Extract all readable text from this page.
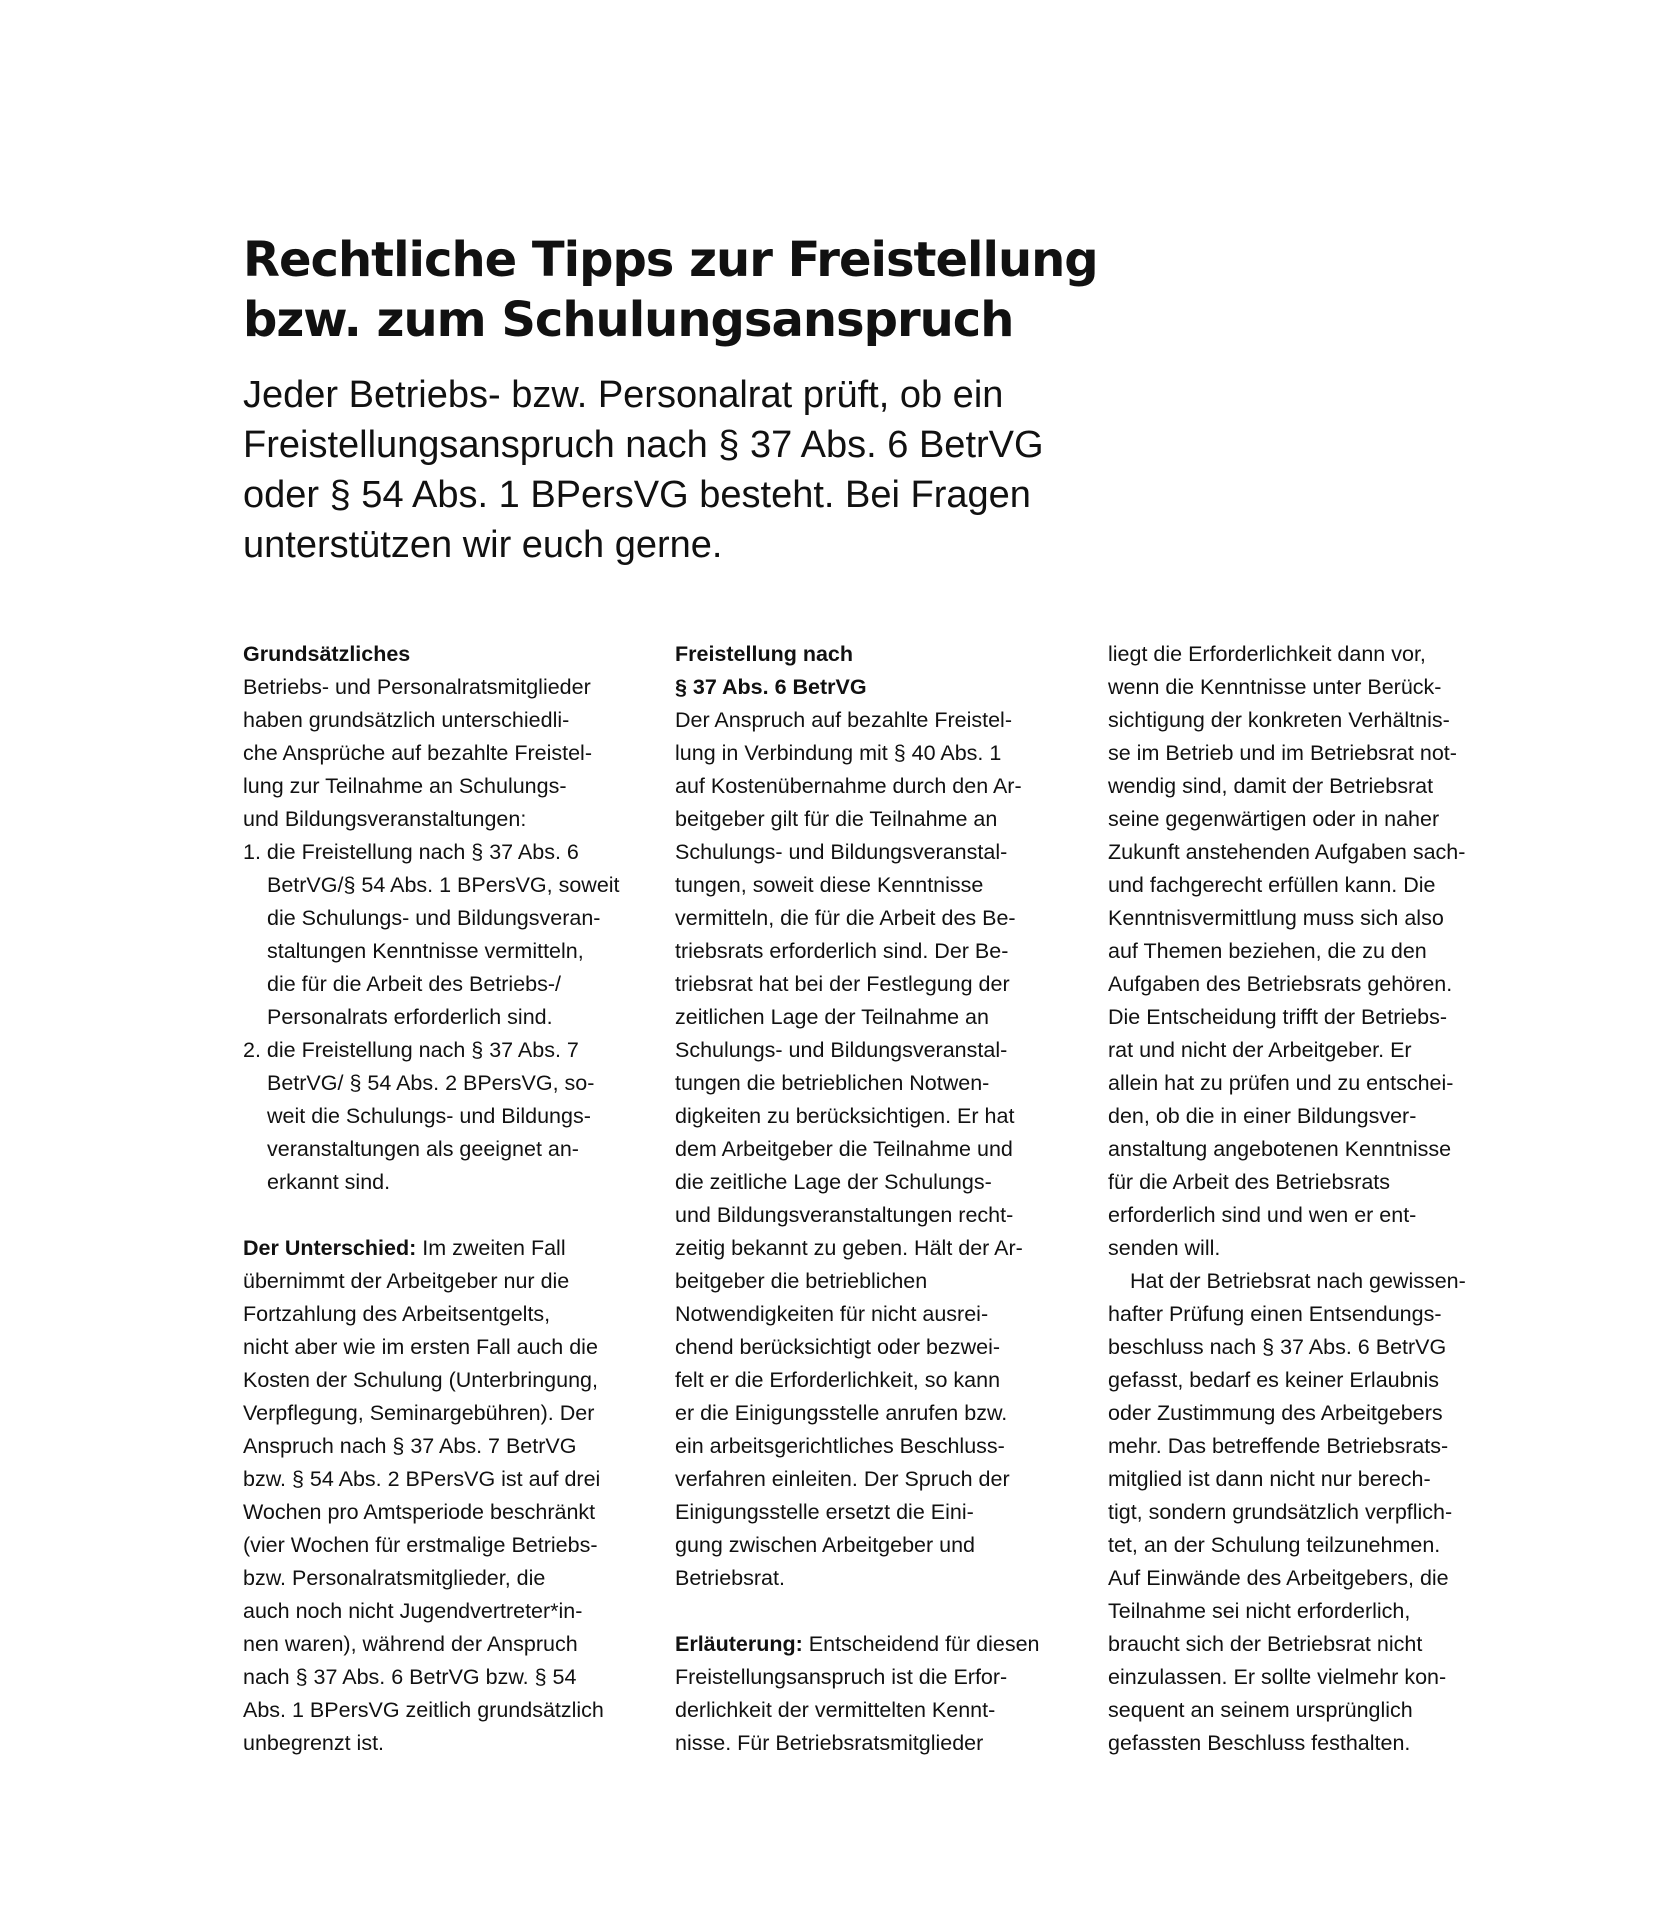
Rechtliche Tipps zur Freistellung
bzw. zum Schulungsanspruch

Jeder Betriebs- bzw. Personalrat prüft, ob ein
Freistellungsanspruch nach § 37 Abs. 6 BetrVG
oder § 54 Abs. 1 BPersVG besteht. Bei Fragen
unterstützen wir euch gerne.

Grundsätzliches
Betriebs- und Personalratsmitglieder
haben grundsätzlich unterschiedli-
che Ansprüche auf bezahlte Freistel-
lung zur Teilnahme an Schulungs-
und Bildungsveranstaltungen:
1. die Freistellung nach § 37 Abs. 6
BetrVG/§ 54 Abs. 1 BPersVG, soweit
die Schulungs- und Bildungsveran-
staltungen Kenntnisse vermitteln,
die für die Arbeit des Betriebs-/
Personalrats erforderlich sind.
2. die Freistellung nach § 37 Abs. 7
BetrVG/ § 54 Abs. 2 BPersVG, so-
weit die Schulungs- und Bildungs-
veranstaltungen als geeignet an-
erkannt sind.
Der Unterschied: Im zweiten Fall
übernimmt der Arbeitgeber nur die
Fortzahlung des Arbeitsentgelts,
nicht aber wie im ersten Fall auch die
Kosten der Schulung (Unterbringung,
Verpflegung, Seminargebühren). Der
Anspruch nach § 37 Abs. 7 BetrVG
bzw. § 54 Abs. 2 BPersVG ist auf drei
Wochen pro Amtsperiode beschränkt
(vier Wochen für erstmalige Betriebs-
bzw. Personalratsmitglieder, die
auch noch nicht Jugendvertreter*in-
nen waren), während der Anspruch
nach § 37 Abs. 6 BetrVG bzw. § 54
Abs. 1 BPersVG zeitlich grundsätzlich
unbegrenzt ist.
Freistellung nach
§ 37 Abs. 6 BetrVG
Der Anspruch auf bezahlte Freistel-
lung in Verbindung mit § 40 Abs. 1
auf Kostenübernahme durch den Ar-
beitgeber gilt für die Teilnahme an
Schulungs- und Bildungsveranstal-
tungen, soweit diese Kenntnisse
vermitteln, die für die Arbeit des Be-
triebsrats erforderlich sind. Der Be-
triebsrat hat bei der Festlegung der
zeitlichen Lage der Teilnahme an
Schulungs- und Bildungsveranstal-
tungen die betrieblichen Notwen-
digkeiten zu berücksichtigen. Er hat
dem Arbeitgeber die Teilnahme und
die zeitliche Lage der Schulungs-
und Bildungsveranstaltungen recht-
zeitig bekannt zu geben. Hält der Ar-
beitgeber die betrieblichen
Notwendigkeiten für nicht ausrei-
chend berücksichtigt oder bezwei-
felt er die Erforderlichkeit, so kann
er die Einigungsstelle anrufen bzw.
ein arbeitsgerichtliches Beschluss-
verfahren einleiten. Der Spruch der
Einigungsstelle ersetzt die Eini-
gung zwischen Arbeitgeber und
Betriebsrat.
Erläuterung: Entscheidend für diesen
Freistellungsanspruch ist die Erfor-
derlichkeit der vermittelten Kennt-
nisse. Für Betriebsratsmitglieder
liegt die Erforderlichkeit dann vor,
wenn die Kenntnisse unter Berück-
sichtigung der konkreten Verhältnis-
se im Betrieb und im Betriebsrat not-
wendig sind, damit der Betriebsrat
seine gegenwärtigen oder in naher
Zukunft anstehenden Aufgaben sach-
und fachgerecht erfüllen kann. Die
Kenntnisvermittlung muss sich also
auf Themen beziehen, die zu den
Aufgaben des Betriebsrats gehören.
Die Entscheidung trifft der Betriebs-
rat und nicht der Arbeitgeber. Er
allein hat zu prüfen und zu entschei-
den, ob die in einer Bildungsver-
anstaltung angebotenen Kenntnisse
für die Arbeit des Betriebsrats
erforderlich sind und wen er ent-
senden will.
Hat der Betriebsrat nach gewissen-
hafter Prüfung einen Entsendungs-
beschluss nach § 37 Abs. 6 BetrVG
gefasst, bedarf es keiner Erlaubnis
oder Zustimmung des Arbeitgebers
mehr. Das betreffende Betriebsrats-
mitglied ist dann nicht nur berech-
tigt, sondern grundsätzlich verpflich-
tet, an der Schulung teilzunehmen.
Auf Einwände des Arbeitgebers, die
Teilnahme sei nicht erforderlich,
braucht sich der Betriebsrat nicht
einzulassen. Er sollte vielmehr kon-
sequent an seinem ursprünglich
gefassten Beschluss festhalten.
